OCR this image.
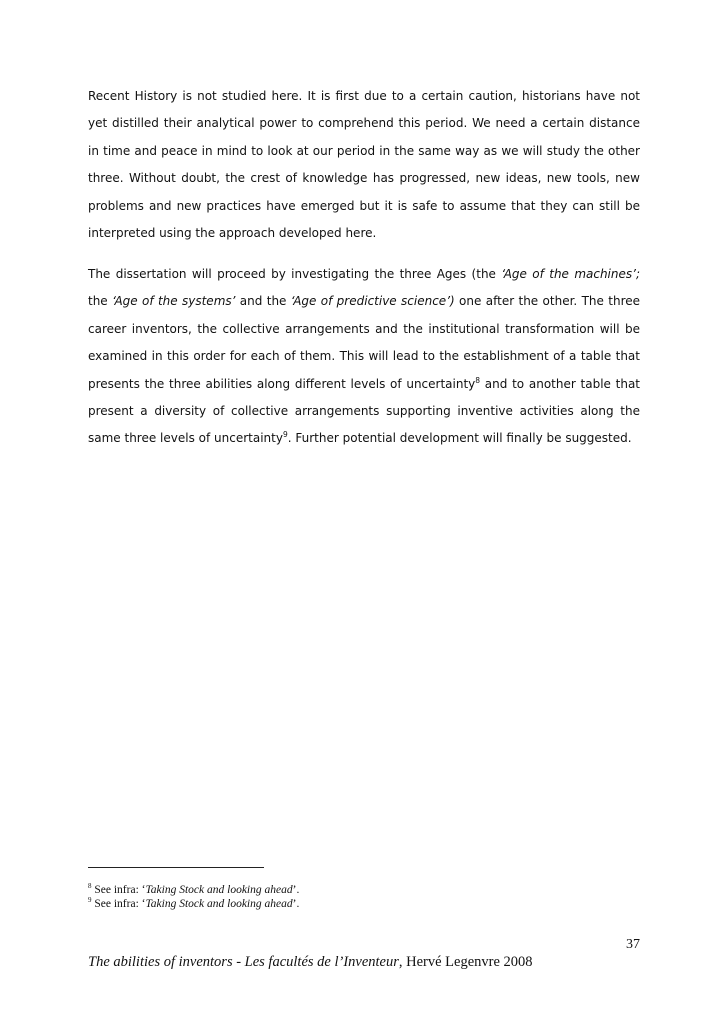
Recent History is not studied here. It is first due to a certain caution, historians have not yet distilled their analytical power to comprehend this period. We need a certain distance in time and peace in mind to look at our period in the same way as we will study the other three. Without doubt, the crest of knowledge has progressed, new ideas, new tools, new problems and new practices have emerged but it is safe to assume that they can still be interpreted using the approach developed here.

The dissertation will proceed by investigating the three Ages (the ‘Age of the machines’; the ‘Age of the systems’ and the ‘Age of predictive science’) one after the other. The three career inventors, the collective arrangements and the institutional transformation will be examined in this order for each of them. This will lead to the establishment of a table that presents the three abilities along different levels of uncertainty$^8$ and to another table that present a diversity of collective arrangements supporting inventive activities along the same three levels of uncertainty$^9$. Further potential development will finally be suggested.

$^8$ See infra: ‘Taking Stock and looking ahead’.
$^9$ See infra: ‘Taking Stock and looking ahead’.
37
The abilities of inventors - Les facultés de l’Inventeur, Hervé Legenvre 2008
